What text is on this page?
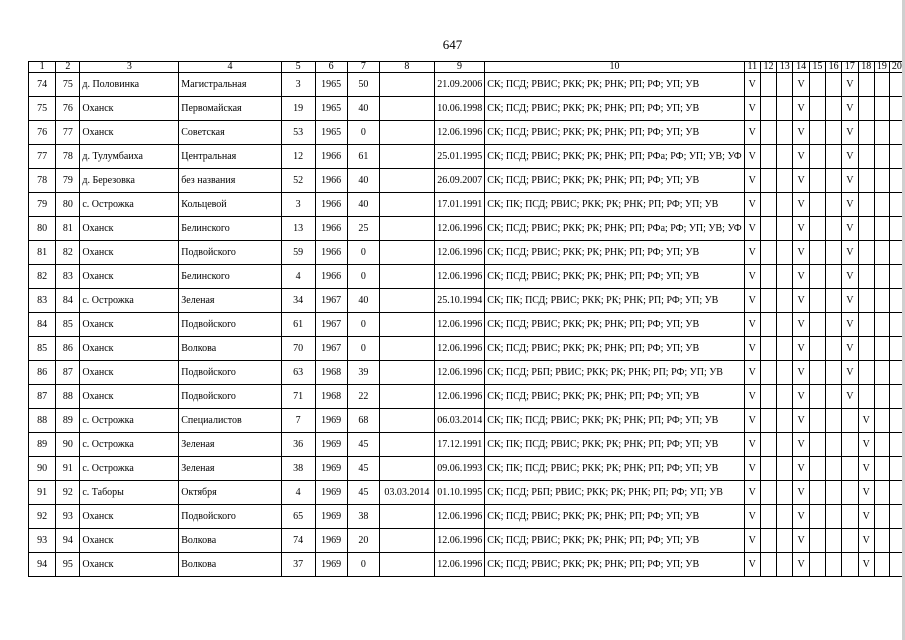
647
1	2	3	4	5	6	7	8	9	10	11	12	13	14	15	16	17	18	19	20
74	75	д. Половинка	Магистральная	3	1965	50		21.09.2006	СК; ПСД; РВИС; РКК; РК; РНК; РП; РФ; УП; УВ	V			V			V			
75	76	Оханск	Первомайская	19	1965	40		10.06.1998	СК; ПСД; РВИС; РКК; РК; РНК; РП; РФ; УП; УВ	V			V			V			
76	77	Оханск	Советская	53	1965	0		12.06.1996	СК; ПСД; РВИС; РКК; РК; РНК; РП; РФ; УП; УВ	V			V			V			
77	78	д. Тулумбаиха	Центральная	12	1966	61		25.01.1995	СК; ПСД; РВИС; РКК; РК; РНК; РП; РФа; РФ; УП; УВ; УФ	V			V			V			
78	79	д. Березовка	без названия	52	1966	40		26.09.2007	СК; ПСД; РВИС; РКК; РК; РНК; РП; РФ; УП; УВ	V			V			V			
79	80	с. Острожка	Кольцевой	3	1966	40		17.01.1991	СК; ПК; ПСД; РВИС; РКК; РК; РНК; РП; РФ; УП; УВ	V			V			V			
80	81	Оханск	Белинского	13	1966	25		12.06.1996	СК; ПСД; РВИС; РКК; РК; РНК; РП; РФа; РФ; УП; УВ; УФ	V			V			V			
81	82	Оханск	Подвойского	59	1966	0		12.06.1996	СК; ПСД; РВИС; РКК; РК; РНК; РП; РФ; УП; УВ	V			V			V			
82	83	Оханск	Белинского	4	1966	0		12.06.1996	СК; ПСД; РВИС; РКК; РК; РНК; РП; РФ; УП; УВ	V			V			V			
83	84	с. Острожка	Зеленая	34	1967	40		25.10.1994	СК; ПК; ПСД; РВИС; РКК; РК; РНК; РП; РФ; УП; УВ	V			V			V			
84	85	Оханск	Подвойского	61	1967	0		12.06.1996	СК; ПСД; РВИС; РКК; РК; РНК; РП; РФ; УП; УВ	V			V			V			
85	86	Оханск	Волкова	70	1967	0		12.06.1996	СК; ПСД; РВИС; РКК; РК; РНК; РП; РФ; УП; УВ	V			V			V			
86	87	Оханск	Подвойского	63	1968	39		12.06.1996	СК; ПСД; РБП; РВИС; РКК; РК; РНК; РП; РФ; УП; УВ	V			V			V			
87	88	Оханск	Подвойского	71	1968	22		12.06.1996	СК; ПСД; РВИС; РКК; РК; РНК; РП; РФ; УП; УВ	V			V			V			
88	89	с. Острожка	Специалистов	7	1969	68		06.03.2014	СК; ПК; ПСД; РВИС; РКК; РК; РНК; РП; РФ; УП; УВ	V			V				V		
89	90	с. Острожка	Зеленая	36	1969	45		17.12.1991	СК; ПК; ПСД; РВИС; РКК; РК; РНК; РП; РФ; УП; УВ	V			V				V		
90	91	с. Острожка	Зеленая	38	1969	45		09.06.1993	СК; ПК; ПСД; РВИС; РКК; РК; РНК; РП; РФ; УП; УВ	V			V				V		
91	92	с. Таборы	Октября	4	1969	45	03.03.2014	01.10.1995	СК; ПСД; РБП; РВИС; РКК; РК; РНК; РП; РФ; УП; УВ	V			V				V		
92	93	Оханск	Подвойского	65	1969	38		12.06.1996	СК; ПСД; РВИС; РКК; РК; РНК; РП; РФ; УП; УВ	V			V				V		
93	94	Оханск	Волкова	74	1969	20		12.06.1996	СК; ПСД; РВИС; РКК; РК; РНК; РП; РФ; УП; УВ	V			V				V		
94	95	Оханск	Волкова	37	1969	0		12.06.1996	СК; ПСД; РВИС; РКК; РК; РНК; РП; РФ; УП; УВ	V			V				V		
